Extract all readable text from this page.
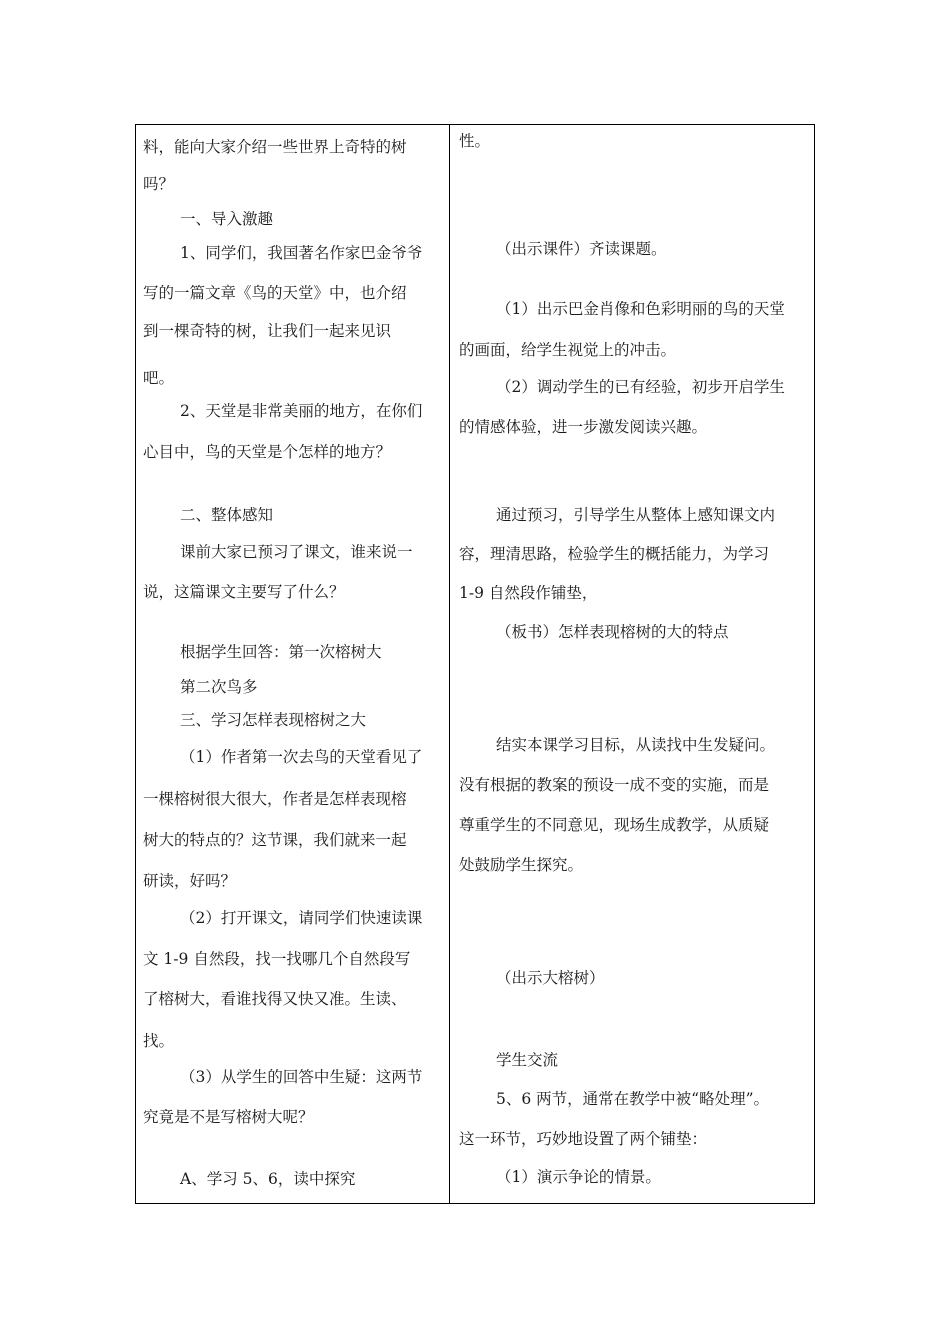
料，能向大家介绍一些世界上奇特的树
吗？
一、导入激趣
1、同学们，我国著名作家巴金爷爷
写的一篇文章《鸟的天堂》中，也介绍
到一棵奇特的树，让我们一起来见识
吧。
2、天堂是非常美丽的地方，在你们
心目中，鸟的天堂是个怎样的地方？
二、整体感知
课前大家已预习了课文，谁来说一
说，这篇课文主要写了什么？
根据学生回答：第一次榕树大
第二次鸟多
三、学习怎样表现榕树之大
（1）作者第一次去鸟的天堂看见了
一棵榕树很大很大，作者是怎样表现榕
树大的特点的？这节课，我们就来一起
研读，好吗？
（2）打开课文，请同学们快速读课
文 1-9 自然段，找一找哪几个自然段写
了榕树大，看谁找得又快又准。生读、
找。
（3）从学生的回答中生疑：这两节
究竟是不是写榕树大呢？
A、学习 5、6，读中探究
性。
（出示课件）齐读课题。
（1）出示巴金肖像和色彩明丽的鸟的天堂
的画面，给学生视觉上的冲击。
（2）调动学生的已有经验，初步开启学生
的情感体验，进一步激发阅读兴趣。
通过预习，引导学生从整体上感知课文内
容，理清思路，检验学生的概括能力，为学习
1-9 自然段作铺垫，
（板书）怎样表现榕树的大的特点
结实本课学习目标，从读找中生发疑问。
没有根据的教案的预设一成不变的实施，而是
尊重学生的不同意见，现场生成教学，从质疑
处鼓励学生探究。
（出示大榕树）
学生交流
5、6 两节，通常在教学中被“略处理”。
这一环节，巧妙地设置了两个铺垫：
（1）演示争论的情景。
